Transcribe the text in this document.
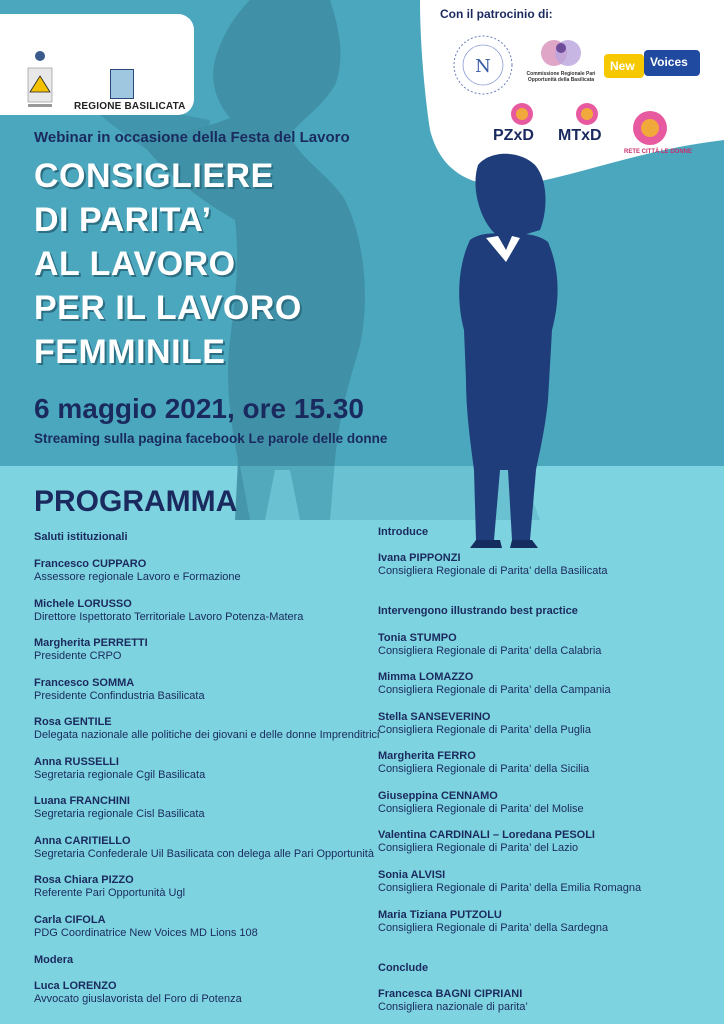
REGIONE BASILICATA
Con il patrocinio di:
N	Commissione Regionale Pari Opportunità della Basilicata
New Voices
PZxD MTxD
RETE CITTÀ LE DONNE
Webinar in occasione della Festa del Lavoro
CONSIGLIERE
DI PARITA’
AL LAVORO
PER IL LAVORO
FEMMINILE
6 maggio 2021, ore 15.30
Streaming sulla pagina facebook Le parole delle donne
PROGRAMMA
Saluti istituzionali
Francesco CUPPARO
Assessore regionale Lavoro e Formazione
Michele LORUSSO
Direttore Ispettorato Territoriale Lavoro Potenza-Matera
Margherita PERRETTI
Presidente CRPO
Francesco SOMMA
Presidente Confindustria Basilicata
Rosa GENTILE
Delegata nazionale alle politiche dei giovani e delle donne Imprenditrici
Anna RUSSELLI
Segretaria regionale Cgil Basilicata
Luana FRANCHINI
Segretaria regionale Cisl Basilicata
Anna CARITIELLO
Segretaria Confederale Uil Basilicata con delega alle Pari Opportunità
Rosa Chiara PIZZO
Referente Pari Opportunità Ugl
Carla CIFOLA
PDG Coordinatrice New Voices MD Lions 108
Modera
Luca LORENZO
Avvocato giuslavorista del Foro di Potenza
Introduce
Ivana PIPPONZI
Consigliera Regionale di Parita’ della Basilicata
Intervengono illustrando best practice
Tonia STUMPO
Consigliera Regionale di Parita’ della Calabria
Mimma LOMAZZO
Consigliera Regionale di Parita’ della Campania
Stella SANSEVERINO
Consigliera Regionale di Parita’ della Puglia
Margherita FERRO
Consigliera Regionale di Parita’ della Sicilia
Giuseppina CENNAMO
Consigliera Regionale di Parita’ del Molise
Valentina CARDINALI – Loredana PESOLI
Consigliera Regionale di Parita’ del Lazio
Sonia ALVISI
Consigliera Regionale di Parita’ della Emilia Romagna
Maria Tiziana PUTZOLU
Consigliera Regionale di Parita’ della Sardegna
Conclude
Francesca BAGNI CIPRIANI
Consigliera nazionale di parita’
